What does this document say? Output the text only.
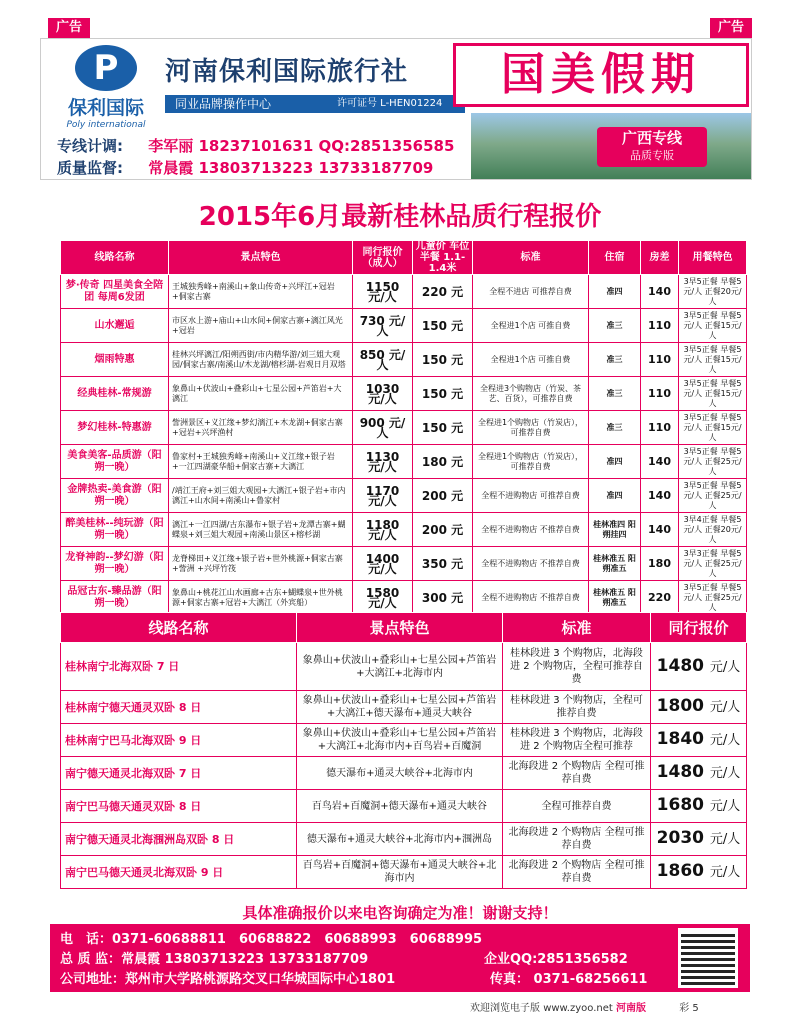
广告	广告
P
保利国际
Poly international
河南保利国际旅行社
同业品牌操作中心	许可证号 L-HEN01224
国美假期
专线计调: 李军丽 18237101631 QQ:2851356585
质量监督: 常晨霞 13803713223 13733187709
广西专线
品质专版
2015年6月最新桂林品质行程报价
线路名称	景点特色	同行报价（成人）	儿童价 车位半餐 1.1-1.4米	标准	住宿	房差	用餐特色
梦·传奇 四星美食全陪团 每周6发团	王城独秀峰+南溪山+象山传奇+兴坪江+冠岩+侗家古寨	1150 元/人	220 元	全程不进店 可推荐自费	准四	140	3早5正餐 早餐5元/人 正餐20元/人
山水邂逅	市区水上游+庙山+山水间+侗家古寨+漓江风光+冠岩	730 元/人	150 元	全程进1个店 可推自费	准三	110	3早5正餐 早餐5元/人 正餐15元/人
烟雨特惠	桂林兴坪漓江/阳朔西街/市内精华游/刘三姐大观园/侗家古寨/南溪山/木龙湖/榕杉湖-岩观日月双塔	850 元/人	150 元	全程进1个店 可推自费	准三	110	3早5正餐 早餐5元/人 正餐15元/人
经典桂林-常规游	象鼻山+伏波山+叠彩山+七星公园+芦笛岩+大漓江	1030 元/人	150 元	全程进3个购物店（竹炭、茶艺、百货），可推荐自费	准三	110	3早5正餐 早餐5元/人 正餐15元/人
梦幻桂林-特惠游	訾洲景区+义江缘+梦幻漓江+木龙湖+侗家古寨+冠岩+兴坪渔村	900 元/人	150 元	全程进1个购物店（竹炭店），可推荐自费	准三	110	3早5正餐 早餐5元/人 正餐15元/人
美食美客-品质游（阳朔一晚）	鲁家村+王城独秀峰+南溪山+义江缘+银子岩+一江四湖豪华船+侗家古寨+大漓江	1130 元/人	180 元	全程进1个购物店（竹炭店），可推荐自费	准四	140	3早5正餐 早餐5元/人 正餐25元/人
金牌热卖-美食游（阳朔一晚）	/靖江王府+刘三姐大观园+大漓江+银子岩+市内漓江+山水间+南溪山+鲁家村	1170 元/人	200 元	全程不进购物店 可推荐自费	准四	140	3早5正餐 早餐5元/人 正餐25元/人
醉美桂林--纯玩游（阳朔一晚）	漓江+一江四湖/古东瀑布+银子岩+龙潭古寨+蝴蝶泉+刘三姐大观园+南溪山景区+榕杉湖	1180 元/人	200 元	全程不进购物店 不推荐自费	桂林准四 阳朔挂四	140	3早4正餐 早餐5元/人 正餐20元/人
龙脊神韵--梦幻游（阳朔一晚）	龙脊梯田+义江缘+银子岩+世外桃源+侗家古寨+訾洲 +兴坪竹筏	1400 元/人	350 元	全程不进购物店 不推荐自费	桂林准五 阳朔准五	180	3早3正餐 早餐5元/人 正餐25元/人
品冠古东-臻品游（阳朔一晚）	象鼻山+桃花江山水画廊+古东+蝴蝶泉+世外桃源+侗家古寨+冠岩+大漓江（外宾船）	1580 元/人	300 元	全程不进购物店 不推荐自费	桂林准五 阳朔准五	220	3早5正餐 早餐5元/人 正餐25元/人
线路名称	景点特色	标准	同行报价
桂林南宁北海双卧 7 日	象鼻山+伏波山+叠彩山+七星公园+芦笛岩+大漓江+北海市内	桂林段进 3 个购物店，北海段进 2 个购物店，全程可推荐自费	1480 元/人
桂林南宁德天通灵双卧 8 日	象鼻山+伏波山+叠彩山+七星公园+芦笛岩+大漓江+德天瀑布+通灵大峡谷	桂林段进 3 个购物店，全程可推荐自费	1800 元/人
桂林南宁巴马北海双卧 9 日	象鼻山+伏波山+叠彩山+七星公园+芦笛岩+大漓江+北海市内+百鸟岩+百魔洞	桂林段进 3 个购物店，北海段进 2 个购物店全程可推荐	1840 元/人
南宁德天通灵北海双卧 7 日	德天瀑布+通灵大峡谷+北海市内	北海段进 2 个购物店 全程可推荐自费	1480 元/人
南宁巴马德天通灵双卧 8 日	百鸟岩+百魔洞+德天瀑布+通灵大峡谷	全程可推荐自费	1680 元/人
南宁德天通灵北海涠洲岛双卧 8 日	德天瀑布+通灵大峡谷+北海市内+涠洲岛	北海段进 2 个购物店 全程可推荐自费	2030 元/人
南宁巴马德天通灵北海双卧 9 日	百鸟岩+百魔洞+德天瀑布+通灵大峡谷+北海市内	北海段进 2 个购物店 全程可推荐自费	1860 元/人
具体准确报价以来电咨询确定为准！谢谢支持！
电　话：0371-60688811　60688822　60688993　60688995
总 质 监：常晨霞 13803713223 13733187709	企业QQ:2851356582
公司地址：郑州市大学路桃源路交叉口华城国际中心1801	传真： 0371-68256611
欢迎浏览电子版 www.zyoo.net 河南版	彩 5
